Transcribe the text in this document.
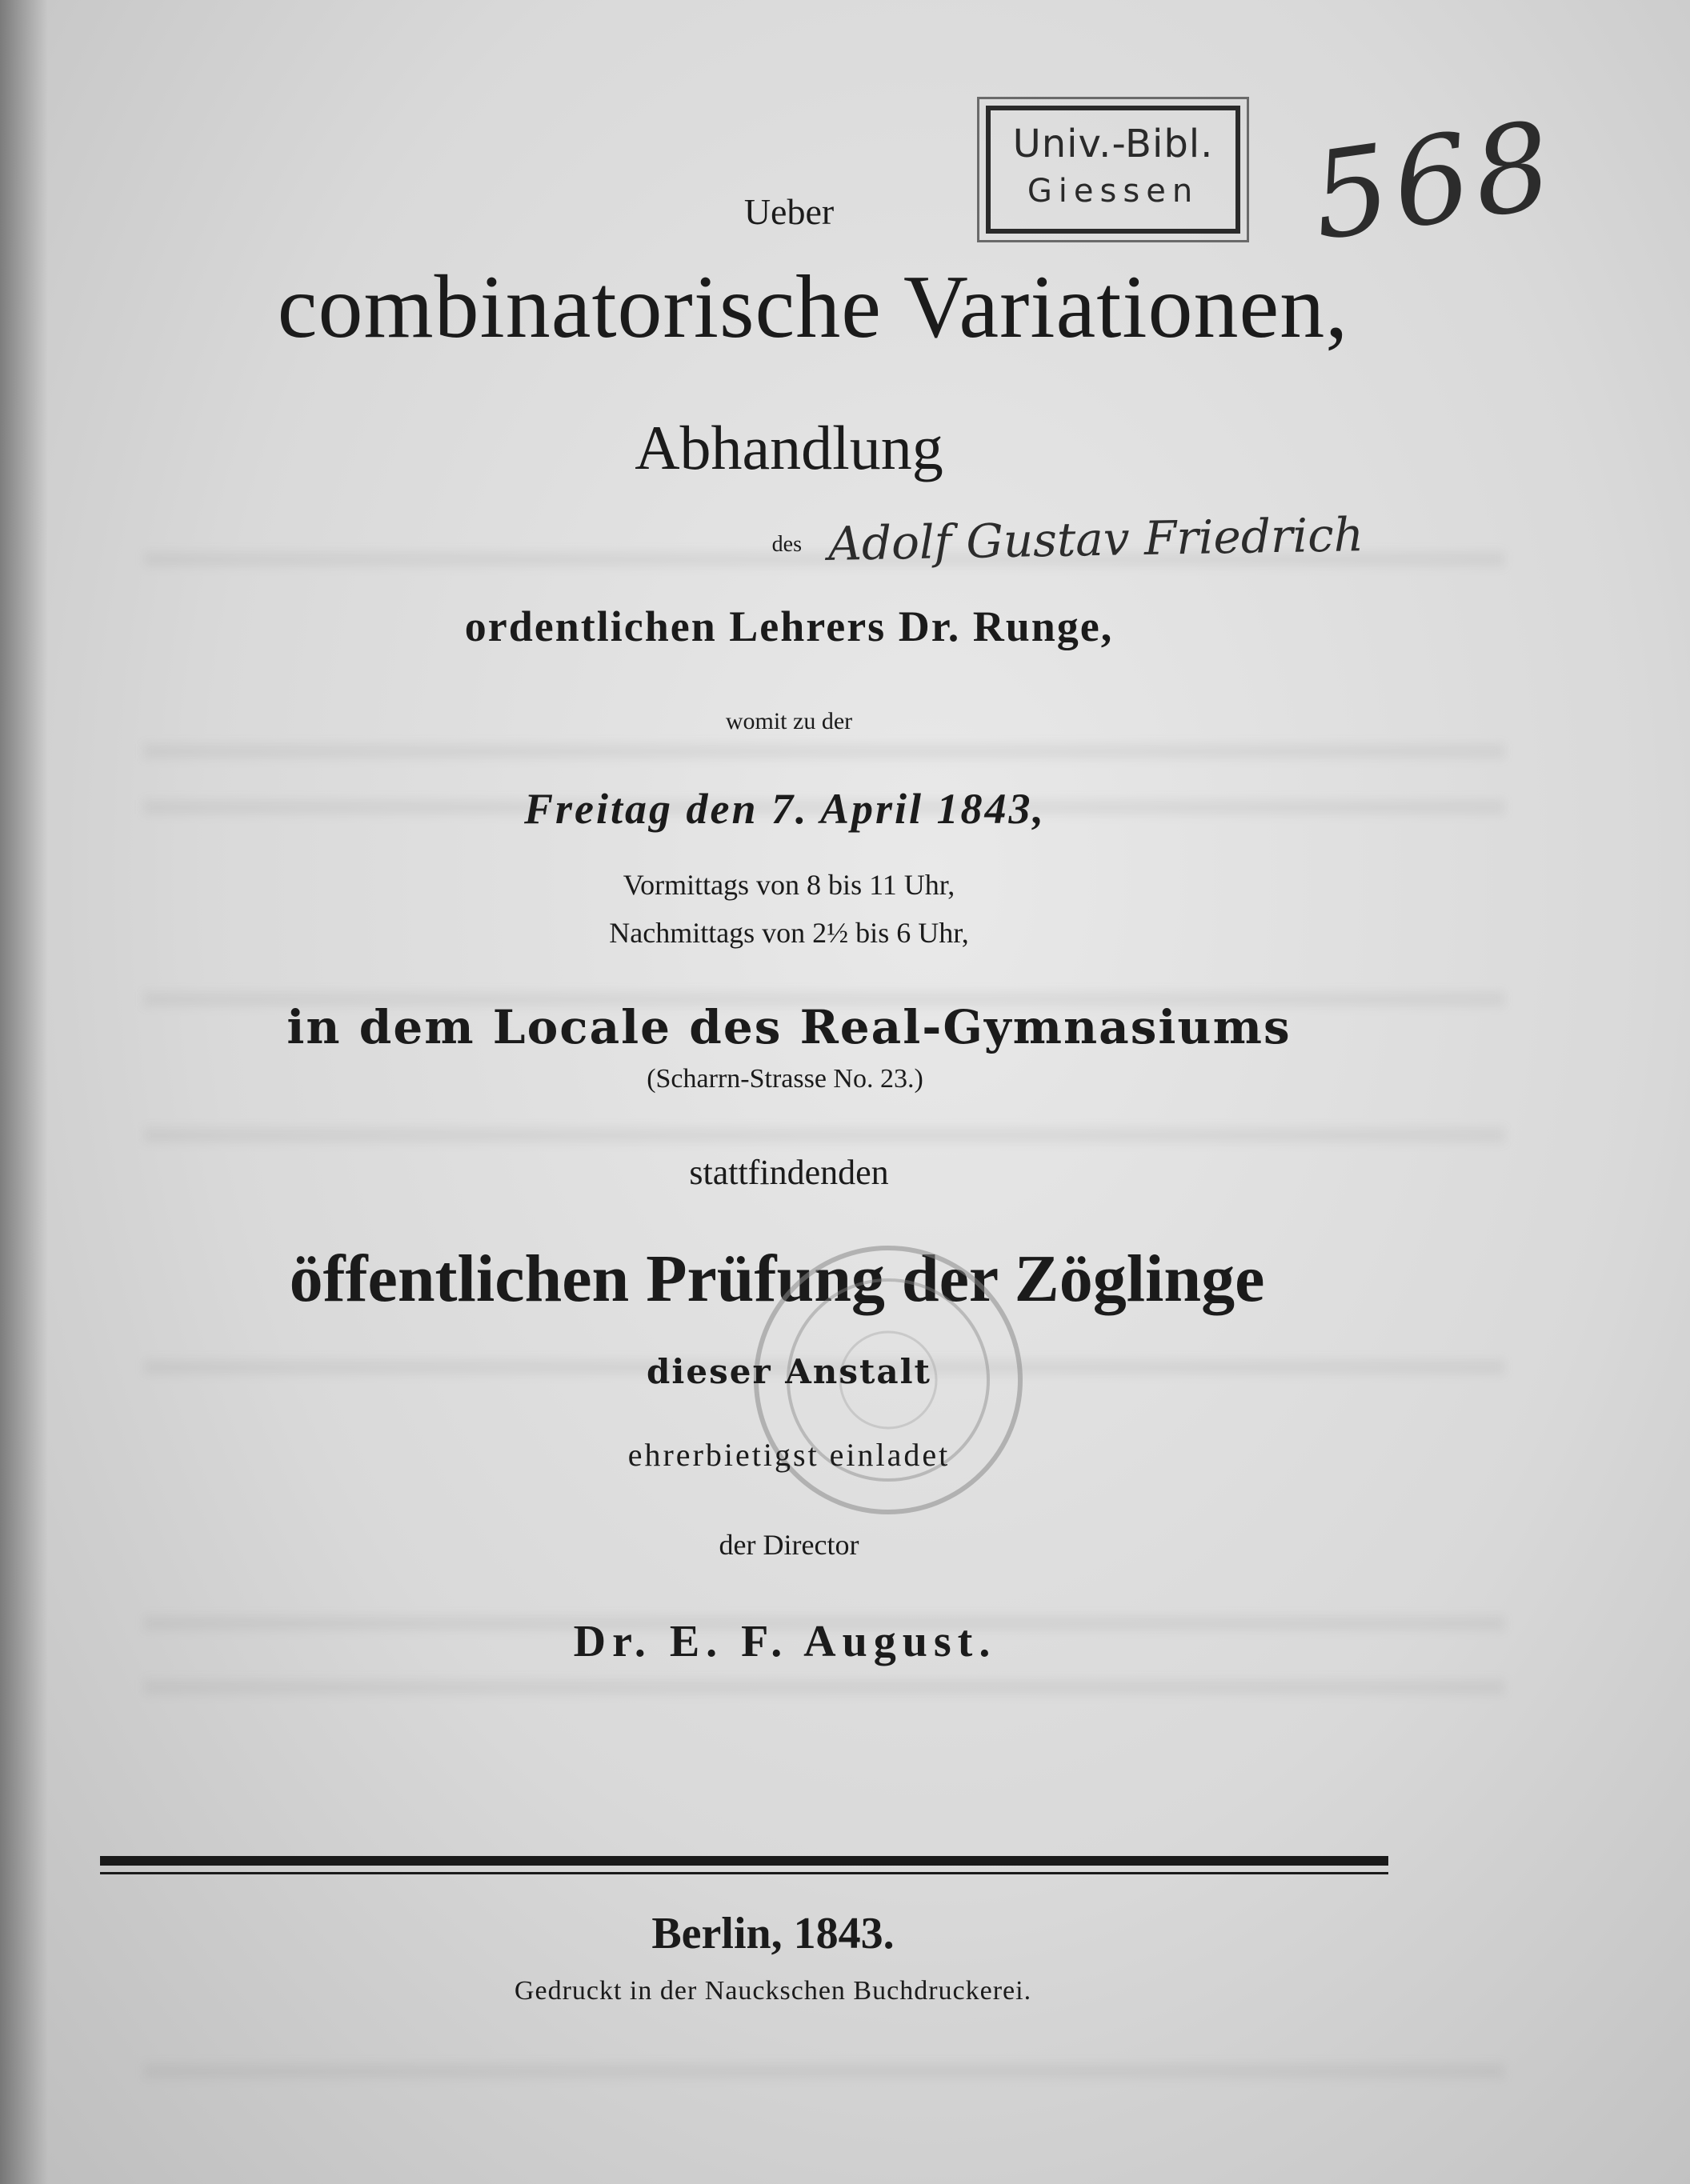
Univ.-Bibl.
Giessen 568
Ueber
combinatorische Variationen,
Abhandlung
des Adolf Gustav Friedrich
ordentlichen Lehrers Dr. Runge,
womit zu der
Freitag den 7. April 1843,
Vormittags von 8 bis 11 Uhr,
Nachmittags von 2½ bis 6 Uhr,
in dem Locale des Real-Gymnasiums
(Scharrn-Strasse No. 23.)
stattfindenden
öffentlichen Prüfung der Zöglinge
dieser Anstalt
ehrerbietigst einladet
der Director
Dr. E. F. August.
Berlin, 1843.
Gedruckt in der Nauckschen Buchdruckerei.
